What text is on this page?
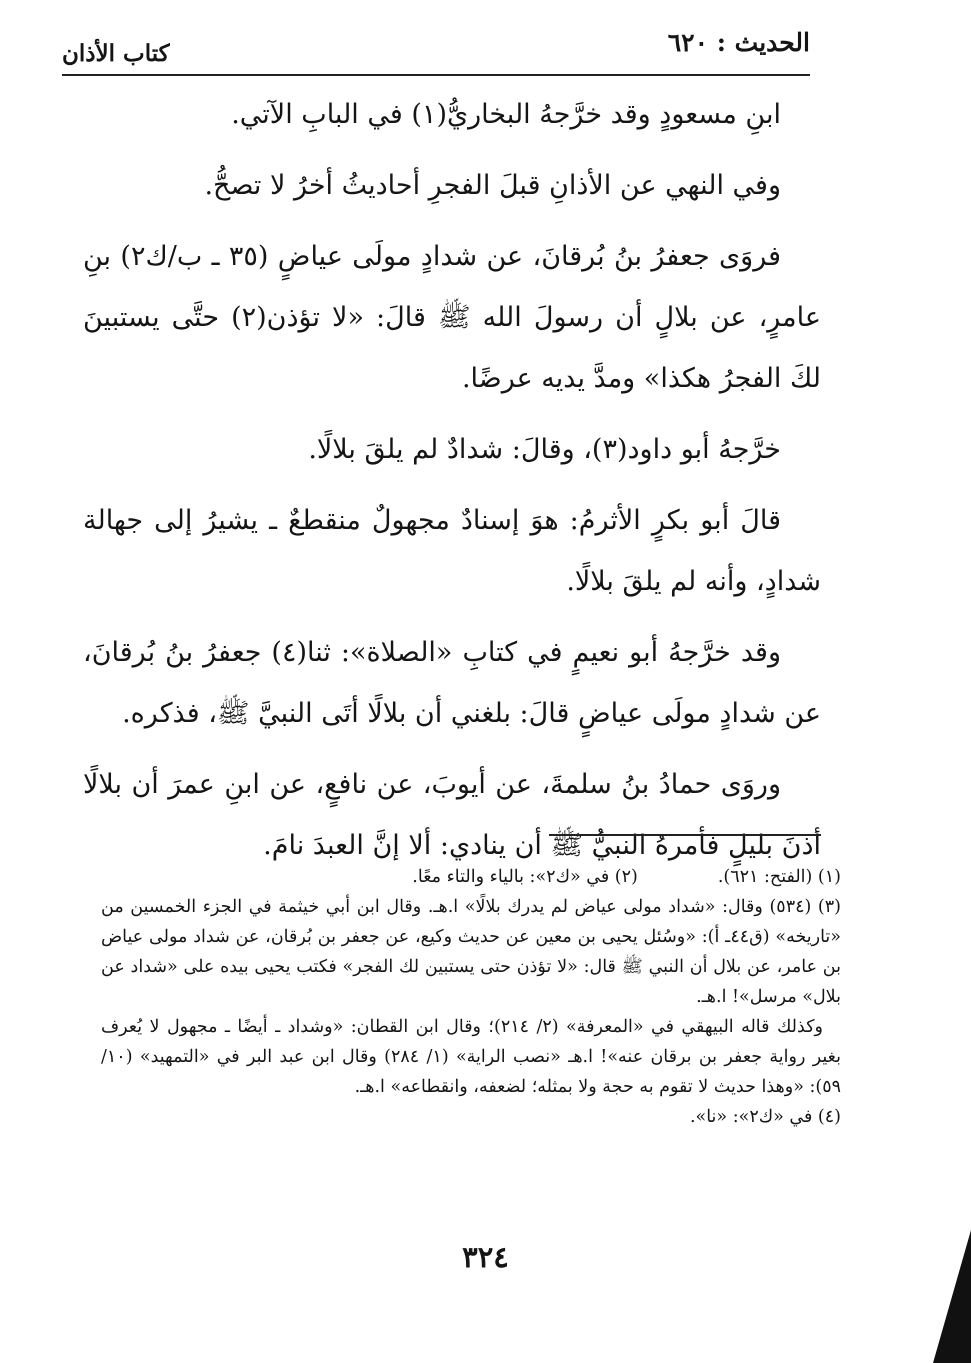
الحديث : ٦٢٠
كتاب الأذان

ابنِ مسعودٍ وقد خرَّجهُ البخاريُّ(١) في البابِ الآتي.

وفي النهي عن الأذانِ قبلَ الفجرِ أحاديثُ أخرُ لا تصحُّ.

فروَى جعفرُ بنُ بُرقانَ، عن شدادٍ مولَى عياضٍ (٣٥ ـ ب/ك٢) بنِ عامرٍ، عن بلالٍ أن رسولَ الله ﷺ قالَ: «لا تؤذن(٢) حتَّى يستبينَ لكَ الفجرُ هكذا» ومدَّ يديه عرضًا.

خرَّجهُ أبو داود(٣)، وقالَ: شدادٌ لم يلقَ بلالًا.

قالَ أبو بكرٍ الأثرمُ: هوَ إسنادٌ مجهولٌ منقطعٌ ـ يشيرُ إلى جهالة شدادٍ، وأنه لم يلقَ بلالًا.

وقد خرَّجهُ أبو نعيمٍ في كتابِ «الصلاة»: ثنا(٤) جعفرُ بنُ بُرقانَ، عن شدادٍ مولَى عياضٍ قالَ: بلغني أن بلالًا أتَى النبيَّ ﷺ، فذكره.

وروَى حمادُ بنُ سلمةَ، عن أيوبَ، عن نافعٍ، عن ابنِ عمرَ أن بلالًا أذنَ بليلٍ فأمرهُ النبيُّ ﷺ أن ينادي: ألا إنَّ العبدَ نامَ.

(١) (الفتح: ٦٢١).(٢) في «ك٢»: بالياء والتاء معًا.

(٣) (٥٣٤) وقال: «شداد مولى عياض لم يدرك بلالًا» ا.هـ. وقال ابن أبي خيثمة في الجزء الخمسين من «تاريخه» (ق٤٤ـ أ): «وسُئل يحيى بن معين عن حديث وكيع، عن جعفر بن بُرقان، عن شداد مولى عياض بن عامر، عن بلال أن النبي ﷺ قال: «لا تؤذن حتى يستبين لك الفجر» فكتب يحيى بيده على «شداد عن بلال» مرسل»! ا.هـ.

وكذلك قاله البيهقي في «المعرفة» (٢/ ٢١٤)؛ وقال ابن القطان: «وشداد ـ أيضًا ـ مجهول لا يُعرف بغير رواية جعفر بن برقان عنه»! ا.هـ «نصب الراية» (١/ ٢٨٤) وقال ابن عبد البر في «التمهيد» (١٠/ ٥٩): «وهذا حديث لا تقوم به حجة ولا بمثله؛ لضعفه، وانقطاعه» ا.هـ.

(٤) في «ك٢»: «نا».

٣٢٤
